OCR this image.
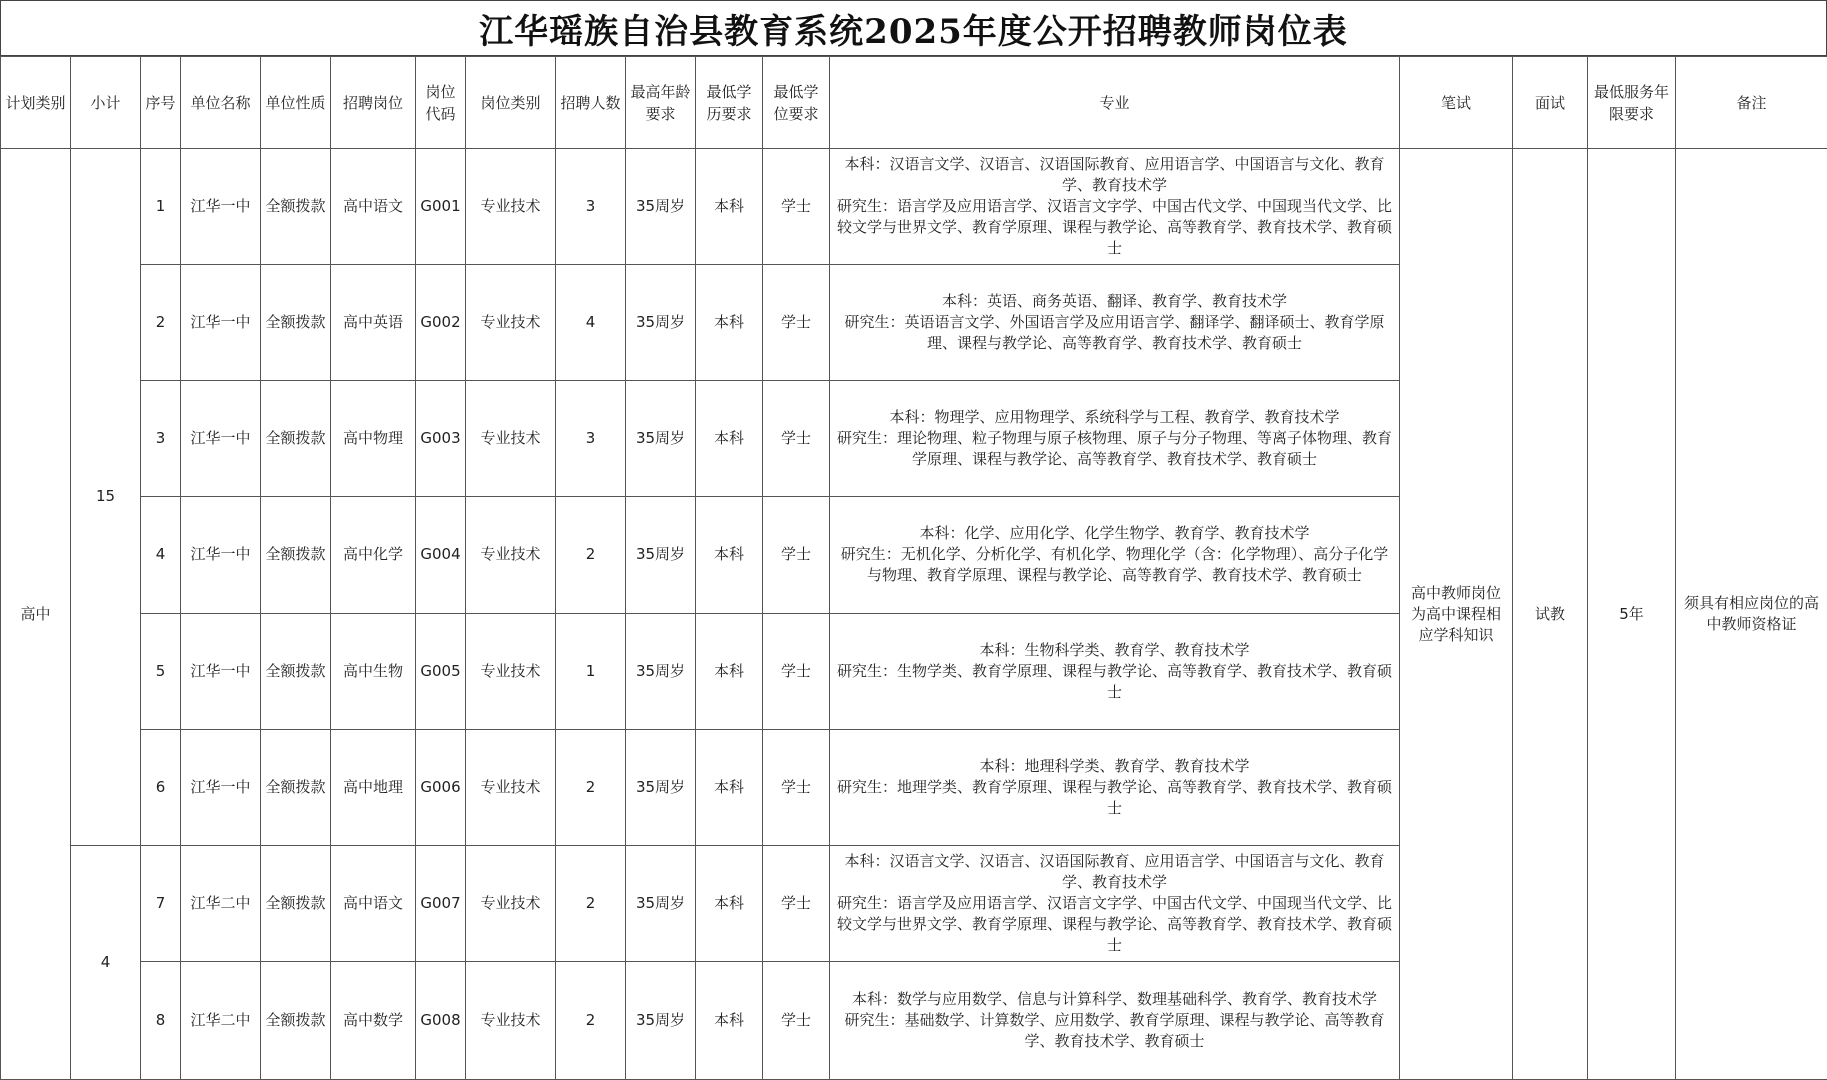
江华瑶族自治县教育系统2025年度公开招聘教师岗位表
计划类别	小计	序号	单位名称	单位性质	招聘岗位	岗位代码	岗位类别	招聘人数	最高年龄要求	最低学历要求	最低学位要求	专业	笔试	面试	最低服务年限要求	备注
高中	15	1	江华一中	全额拨款	高中语文	G001	专业技术	3	35周岁	本科	学士	本科：汉语言文学、汉语言、汉语国际教育、应用语言学、中国语言与文化、教育学、教育技术学
研究生：语言学及应用语言学、汉语言文字学、中国古代文学、中国现当代文学、比较文学与世界文学、教育学原理、课程与教学论、高等教育学、教育技术学、教育硕士	高中教师岗位为高中课程相应学科知识	试教	5年	须具有相应岗位的高中教师资格证
		2	江华一中	全额拨款	高中英语	G002	专业技术	4	35周岁	本科	学士	本科：英语、商务英语、翻译、教育学、教育技术学
研究生：英语语言文学、外国语言学及应用语言学、翻译学、翻译硕士、教育学原理、课程与教学论、高等教育学、教育技术学、教育硕士				

		3	江华一中	全额拨款	高中物理	G003	专业技术	3	35周岁	本科	学士	本科：物理学、应用物理学、系统科学与工程、教育学、教育技术学
研究生：理论物理、粒子物理与原子核物理、原子与分子物理、等离子体物理、教育学原理、课程与教学论、高等教育学、教育技术学、教育硕士				

		4	江华一中	全额拨款	高中化学	G004	专业技术	2	35周岁	本科	学士	本科：化学、应用化学、化学生物学、教育学、教育技术学
研究生：无机化学、分析化学、有机化学、物理化学（含：化学物理）、高分子化学与物理、教育学原理、课程与教学论、高等教育学、教育技术学、教育硕士				

		5	江华一中	全额拨款	高中生物	G005	专业技术	1	35周岁	本科	学士	本科：生物科学类、教育学、教育技术学
研究生：生物学类、教育学原理、课程与教学论、高等教育学、教育技术学、教育硕士				

		6	江华一中	全额拨款	高中地理	G006	专业技术	2	35周岁	本科	学士	本科：地理科学类、教育学、教育技术学
研究生：地理学类、教育学原理、课程与教学论、高等教育学、教育技术学、教育硕士				

	4	7	江华二中	全额拨款	高中语文	G007	专业技术	2	35周岁	本科	学士	本科：汉语言文学、汉语言、汉语国际教育、应用语言学、中国语言与文化、教育学、教育技术学
研究生：语言学及应用语言学、汉语言文字学、中国古代文学、中国现当代文学、比较文学与世界文学、教育学原理、课程与教学论、高等教育学、教育技术学、教育硕士				

		8	江华二中	全额拨款	高中数学	G008	专业技术	2	35周岁	本科	学士	本科：数学与应用数学、信息与计算科学、数理基础科学、教育学、教育技术学
研究生：基础数学、计算数学、应用数学、教育学原理、课程与教学论、高等教育学、教育技术学、教育硕士				
